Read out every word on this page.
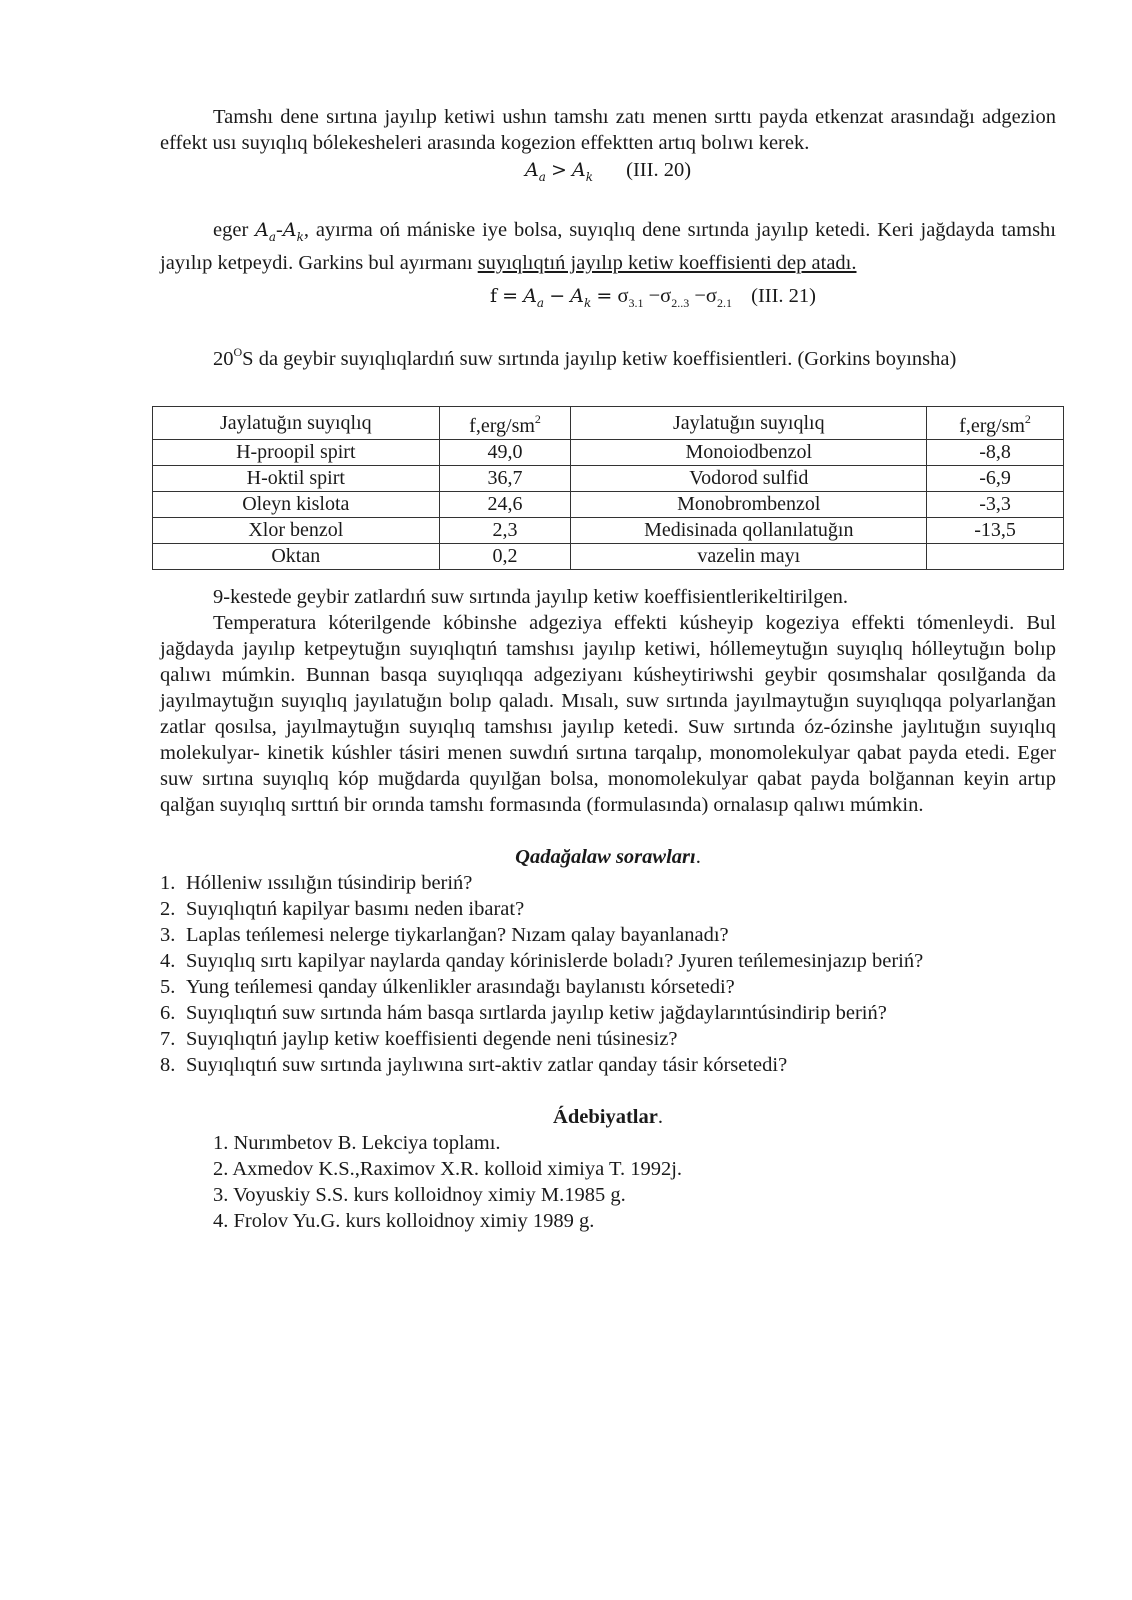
Tamshı dene sırtına jayılıp ketiwi ushın tamshı zatı menen sırttı payda etkenzat arasındağı adgezion effekt usı suyıqlıq bólekesheleri arasında kogezion effektten artıq bolıwı kerek.

$A_a > A_k$ (III. 20)

eger $A_a-A_k$, ayırma oń mániske iye bolsa, suyıqlıq dene sırtında jayılıp ketedi. Keri jağdayda tamshı jayılıp ketpeydi. Garkins bul ayırmanı suyıqlıqtıń jayılıp ketiw koeffisienti dep atadı.

$f = A_a - A_k = \sigma_{3.1} -\sigma_{2..3} -\sigma_{2.1}$ (III. 21)

$20^OS$ da geybir suyıqlıqlardıń suw sırtında jayılıp ketiw koeffisientleri. (Gorkins boyınsha)

Jaylatuğın suyıqlıq	$f,erg/sm^2$	Jaylatuğın suyıqlıq	$f,erg/sm^2$
H-proopil spirt	49,0	Monoiodbenzol	-8,8
H-oktil spirt	36,7	Vodorod sulfid	-6,9
Oleyn kislota	24,6	Monobrombenzol	-3,3
Xlor benzol	2,3	Medisinada qollanılatuğın	-13,5
Oktan	0,2	vazelin mayı	

9-kestede geybir zatlardıń suw sırtında jayılıp ketiw koeffisientlerikeltirilgen.

Temperatura kóterilgende kóbinshe adgeziya effekti kúsheyip kogeziya effekti tómenleydi. Bul jağdayda jayılıp ketpeytuğın suyıqlıqtıń tamshısı jayılıp ketiwi, hóllemeytuğın suyıqlıq hólleytuğın bolıp qalıwı múmkin. Bunnan basqa suyıqlıqqa adgeziyanı kúsheytiriwshi geybir qosımshalar qosılğanda da jayılmaytuğın suyıqlıq jayılatuğın bolıp qaladı. Mısalı, suw sırtında jayılmaytuğın suyıqlıqqa polyarlanğan zatlar qosılsa, jayılmaytuğın suyıqlıq tamshısı jayılıp ketedi. Suw sırtında óz-ózinshe jaylıtuğın suyıqlıq molekulyar- kinetik kúshler tásiri menen suwdıń sırtına tarqalıp, monomolekulyar qabat payda etedi. Eger suw sırtına suyıqlıq kóp muğdarda quyılğan bolsa, monomolekulyar qabat payda bolğannan keyin artıp qalğan suyıqlıq sırttıń bir orında tamshı formasında (formulasında) ornalasıp qalıwı múmkin.

Qadağalaw sorawları.

1. Hólleniw ıssılığın túsindirip beriń?
2. Suyıqlıqtıń kapilyar basımı neden ibarat?
3. Laplas teńlemesi nelerge tiykarlanğan? Nızam qalay bayanlanadı?
4. Suyıqlıq sırtı kapilyar naylarda qanday kórinislerde boladı? Jyuren teńlemesinjazıp beriń?
5. Yung teńlemesi qanday úlkenlikler arasındağı baylanıstı kórsetedi?
6. Suyıqlıqtıń suw sırtında hám basqa sırtlarda jayılıp ketiw jağdaylarıntúsindirip beriń?
7. Suyıqlıqtıń jaylıp ketiw koeffisienti degende neni túsinesiz?
8. Suyıqlıqtıń suw sırtında jaylıwına sırt-aktiv zatlar qanday tásir kórsetedi?

Ádebiyatlar.

1. Nurımbetov B. Lekciya toplamı.
2. Axmedov K.S.,Raximov X.R. kolloid ximiya T. 1992j.
3. Voyuskiy S.S. kurs kolloidnoy ximiy M.1985 g.
4. Frolov Yu.G. kurs kolloidnoy ximiy 1989 g.
